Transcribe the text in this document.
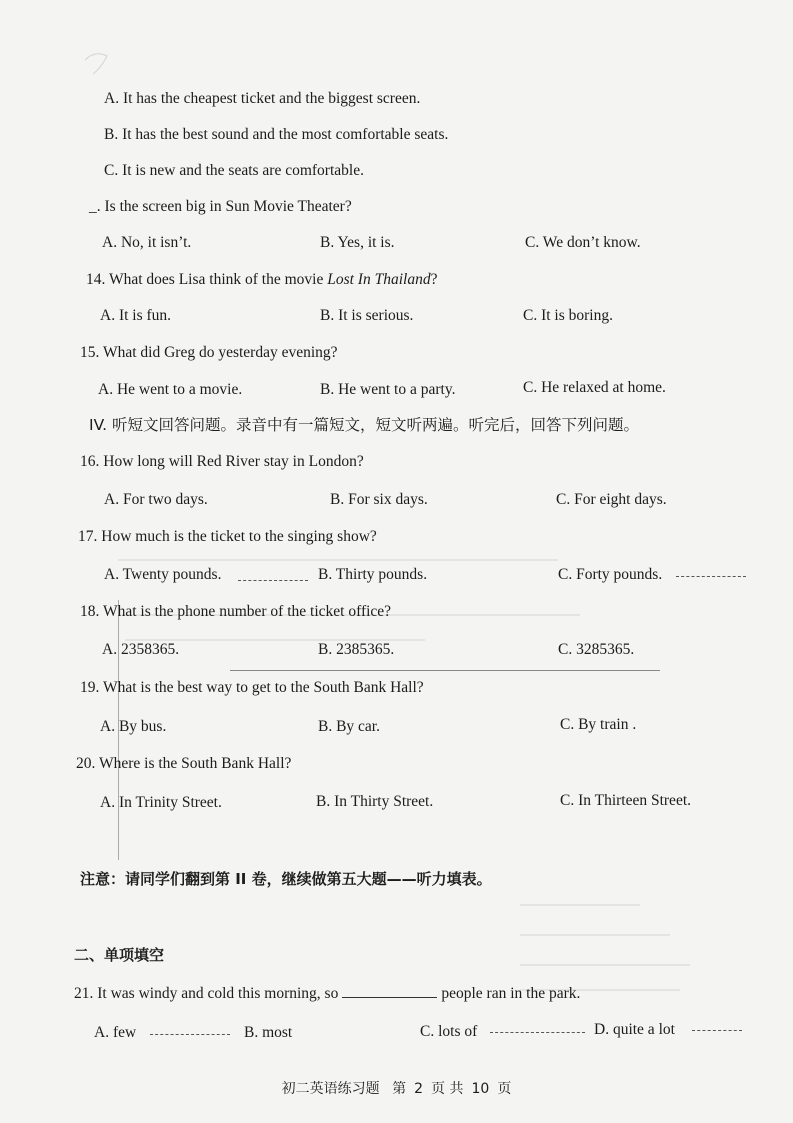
A. It has the cheapest ticket and the biggest screen.
B. It has the best sound and the most comfortable seats.
C. It is new and the seats are comfortable.
_. Is the screen big in Sun Movie Theater?
A. No, it isn’t.	B. Yes, it is.	C. We don’t know.
14. What does Lisa think of the movie Lost In Thailand?
A. It is fun.	B. It is serious.	C. It is boring.
15. What did Greg do yesterday evening?
A. He went to a movie.	B. He went to a party.	C. He relaxed at home.
IV. 听短文回答问题。录音中有一篇短文，短文听两遍。听完后，回答下列问题。
16. How long will Red River stay in London?
A. For two days.	B. For six days.	C. For eight days.
17. How much is the ticket to the singing show?
A. Twenty pounds.	B. Thirty pounds.	C. Forty pounds.
18. What is the phone number of the ticket office?
A. 2358365.	B. 2385365.	C. 3285365.
19. What is the best way to get to the South Bank Hall?
A. By bus.	B. By car.	C. By train .
20. Where is the South Bank Hall?
A. In Trinity Street.	B. In Thirty Street.	C. In Thirteen Street.
注意：请同学们翻到第 II 卷，继续做第五大题——听力填表。
二、单项填空
21. It was windy and cold this morning, so	people ran in the park.
A. few	B. most	C. lots of	D. quite a lot
初二英语练习题 第 2 页 共 10 页
